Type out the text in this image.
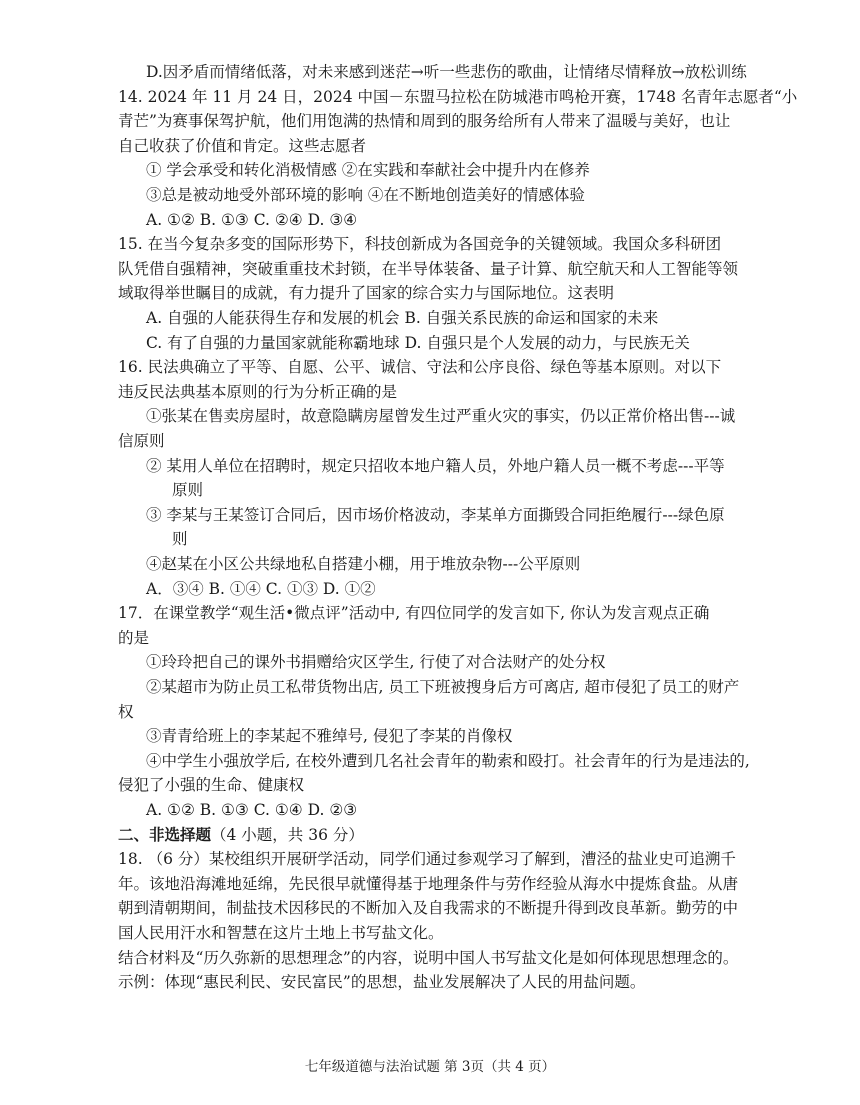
D.因矛盾而情绪低落，对未来感到迷茫→听一些悲伤的歌曲，让情绪尽情释放→放松训练
14. 2024 年 11 月 24 日，2024 中国－东盟马拉松在防城港市鸣枪开赛，1748 名青年志愿者“小
青芒”为赛事保驾护航，他们用饱满的热情和周到的服务给所有人带来了温暖与美好，也让
自己收获了价值和肯定。这些志愿者
① 学会承受和转化消极情感 ②在实践和奉献社会中提升内在修养
③总是被动地受外部环境的影响 ④在不断地创造美好的情感体验
A. ①② B. ①③ C. ②④ D. ③④
15. 在当今复杂多变的国际形势下，科技创新成为各国竞争的关键领域。我国众多科研团
队凭借自强精神，突破重重技术封锁，在半导体装备、量子计算、航空航天和人工智能等领
域取得举世瞩目的成就，有力提升了国家的综合实力与国际地位。这表明
A. 自强的人能获得生存和发展的机会 B. 自强关系民族的命运和国家的未来
C. 有了自强的力量国家就能称霸地球 D. 自强只是个人发展的动力，与民族无关
16. 民法典确立了平等、自愿、公平、诚信、守法和公序良俗、绿色等基本原则。对以下
违反民法典基本原则的行为分析正确的是
①张某在售卖房屋时，故意隐瞒房屋曾发生过严重火灾的事实，仍以正常价格出售---诚
信原则
② 某用人单位在招聘时，规定只招收本地户籍人员，外地户籍人员一概不考虑---平等
原则
③ 李某与王某签订合同后，因市场价格波动，李某单方面撕毁合同拒绝履行---绿色原
则
④赵某在小区公共绿地私自搭建小棚，用于堆放杂物---公平原则
A．③④ B. ①④ C. ①③ D. ①②
17．在课堂教学“观生活•微点评”活动中, 有四位同学的发言如下, 你认为发言观点正确
的是
①玲玲把自己的课外书捐赠给灾区学生, 行使了对合法财产的处分权
②某超市为防止员工私带货物出店, 员工下班被搜身后方可离店, 超市侵犯了员工的财产
权
③青青给班上的李某起不雅绰号, 侵犯了李某的肖像权
④中学生小强放学后, 在校外遭到几名社会青年的勒索和殴打。社会青年的行为是违法的,
侵犯了小强的生命、健康权
A. ①② B. ①③ C. ①④ D. ②③
二、非选择题（4 小题，共 36 分）
18. （6 分）某校组织开展研学活动，同学们通过参观学习了解到，漕泾的盐业史可追溯千
年。该地沿海滩地延绵，先民很早就懂得基于地理条件与劳作经验从海水中提炼食盐。从唐
朝到清朝期间，制盐技术因移民的不断加入及自我需求的不断提升得到改良革新。勤劳的中
国人民用汗水和智慧在这片土地上书写盐文化。
结合材料及“历久弥新的思想理念”的内容，说明中国人书写盐文化是如何体现思想理念的。
示例：体现“惠民利民、安民富民”的思想，盐业发展解决了人民的用盐问题。
七年级道德与法治试题 第 3页（共 4 页）
